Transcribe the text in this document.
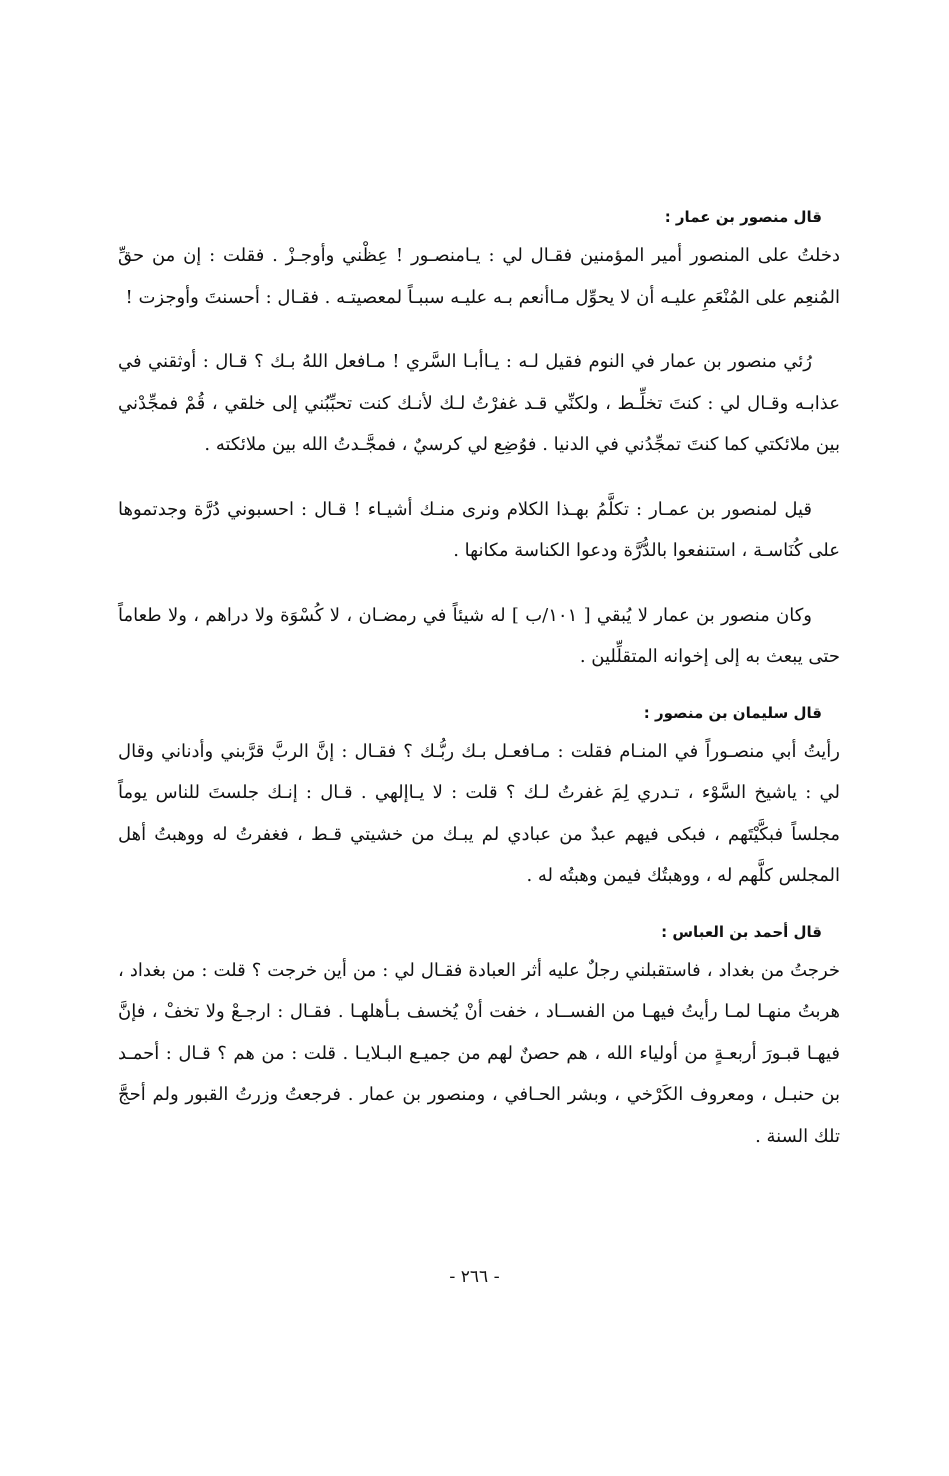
قال منصور بن عمار :

دخلتُ على المنصور أمير المؤمنين فقـال لي : يـامنصـور ! عِظْني وأوجـزْ . فقلت : إن من حقِّ المُنعِم على المُنْعَمِ عليـه أن لا يحوِّل مـاأنعم بـه عليـه سببـاً لمعصيتـه . فقـال : أحسنتَ وأوجزت !

رُئي منصور بن عمار في النوم فقيل لـه : يـاأبـا السَّري ! مـافعل اللهُ بـك ؟ قـال : أوثقني في عذابـه وقـال لي : كنتَ تخلِّـط ، ولكنِّي قـد غفرْتُ لـك لأنـك كنت تحبِّبُني إلى خلقي ، قُمْ فمجِّدْني بين ملائكتي كما كنتَ تمجِّدُني في الدنيا . فوُضِع لي كرسيٌ ، فمجَّـدتُ الله بين ملائكته .

قيل لمنصور بن عمـار : تكلَّمُ بهـذا الكلام ونرى منـك أشيـاء ! قـال : احسبوني دُرَّة وجدتموها على كُنَاسـة ، استنفعوا بالدُّرَّة ودعوا الكناسة مكانها .

وكان منصور بن عمار لا يُبقي [ ١٠١/ب ] له شيئاً في رمضـان ، لا كُسْوَة ولا دراهم ، ولا طعاماً حتى يبعث به إلى إخوانه المتقلِّلين .

قال سليمان بن منصور :

رأيتُ أبي منصـوراً في المنـام فقلت : مـافعـل بـك ربُّـك ؟ فقـال : إنَّ الربَّ قرَّبني وأدناني وقال لي : ياشيخ السَّوْء ، تـدري لِمَ غفرتُ لـك ؟ قلت : لا يـاإلهي . قـال : إنـك جلستَ للناس يوماً مجلساً فبكَّيْتَهم ، فبكى فيهم عبدٌ من عبادي لم يبـك من خشيتي قـط ، فغفرتُ له ووهبتُ أهل المجلس كلَّهم له ، ووهبتُك فيمن وهبتُه له .

قال أحمد بن العباس :

خرجتُ من بغداد ، فاستقبلني رجلٌ عليه أثر العبادة فقـال لي : من أين خرجت ؟ قلت : من بغداد ، هربتُ منهـا لمـا رأيتُ فيهـا من الفســاد ، خفت أنْ يُخسف بـأهلهـا . فقـال : ارجـعْ ولا تخفْ ، فإنَّ فيهـا قبـورَ أربعـةٍ من أولياء الله ، هم حصنٌ لهم من جميـع البـلايـا . قلت : من هم ؟ قـال : أحمـد بن حنبـل ، ومعروف الكَرْخي ، وبشر الحـافي ، ومنصور بن عمار . فرجعتُ وزرتُ القبور ولم أحجَّ تلك السنة .

- ٢٦٦ -
